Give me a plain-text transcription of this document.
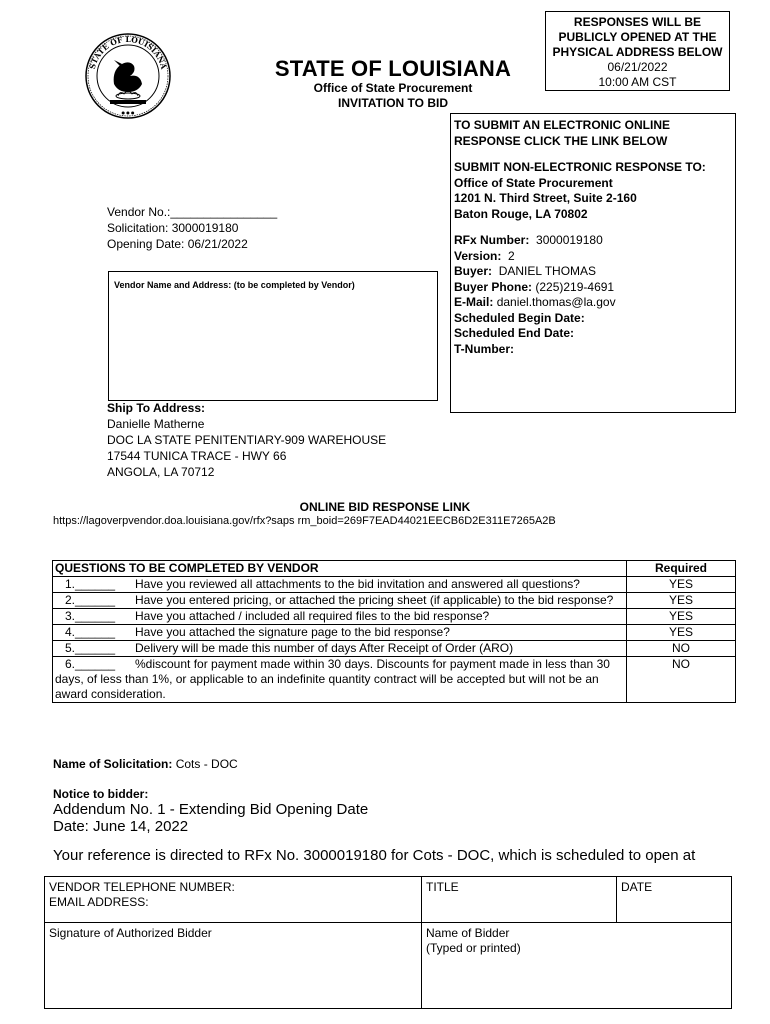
STATE OF LOUISIANA
● ● ●
RESPONSES WILL BE
PUBLICLY OPENED AT THE
PHYSICAL ADDRESS BELOW
06/21/2022
10:00 AM CST
STATE OF LOUISIANA
Office of State Procurement
INVITATION TO BID
TO SUBMIT AN ELECTRONIC ONLINE
RESPONSE CLICK THE LINK BELOW
SUBMIT NON-ELECTRONIC RESPONSE TO:
Office of State Procurement
1201 N. Third Street, Suite 2-160
Baton Rouge, LA 70802
RFx Number: 3000019180
Version: 2
Buyer: DANIEL THOMAS
Buyer Phone: (225)219-4691
E-Mail: daniel.thomas@la.gov
Scheduled Begin Date:
Scheduled End Date:
T-Number:
Vendor No.:________________
Solicitation: 3000019180
Opening Date: 06/21/2022
Vendor Name and Address: (to be completed by Vendor)
Ship To Address:
Danielle Matherne
DOC LA STATE PENITENTIARY-909 WAREHOUSE
17544 TUNICA TRACE - HWY 66
ANGOLA, LA 70712
ONLINE BID RESPONSE LINK
https://lagoverpvendor.doa.louisiana.gov/rfx?saps rm_boid=269F7EAD44021EECB6D2E311E7265A2B
QUESTIONS TO BE COMPLETED BY VENDOR	Required
1.______ Have you reviewed all attachments to the bid invitation and answered all questions?	YES
2.______ Have you entered pricing, or attached the pricing sheet (if applicable) to the bid response?	YES
3.______ Have you attached / included all required files to the bid response?	YES
4.______ Have you attached the signature page to the bid response?	YES
5.______ Delivery will be made this number of days After Receipt of Order (ARO)	NO
6.______ %discount for payment made within 30 days. Discounts for payment made in less than 30 days, of less than 1%, or applicable to an indefinite quantity contract will be accepted but will not be an award consideration.	NO
Name of Solicitation: Cots - DOC
Notice to bidder:
Addendum No. 1 - Extending Bid Opening Date
Date: June 14, 2022
Your reference is directed to RFx No. 3000019180 for Cots - DOC, which is scheduled to open at
VENDOR TELEPHONE NUMBER:
EMAIL ADDRESS:	TITLE	DATE
Signature of Authorized Bidder	Name of Bidder
(Typed or printed)	
